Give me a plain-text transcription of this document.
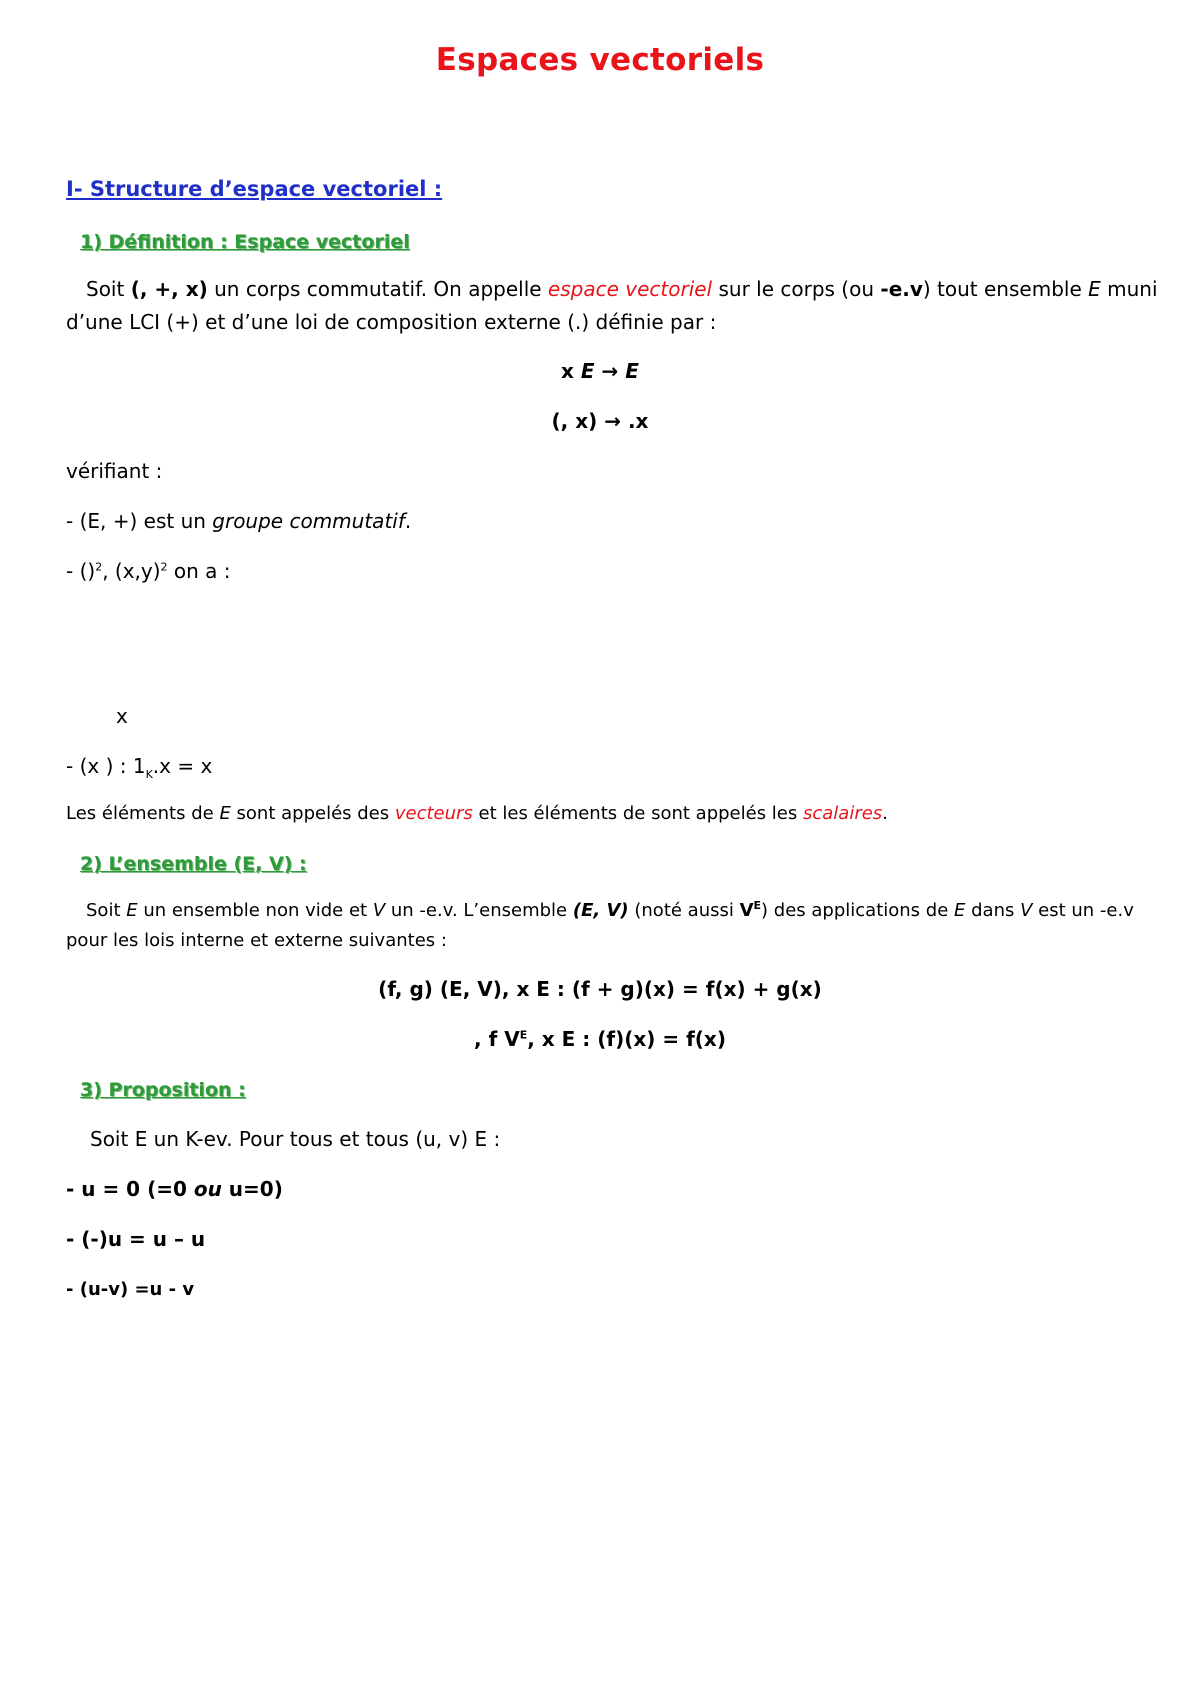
Espaces vectoriels
I- Structure d’espace vectoriel :
1) Définition : Espace vectoriel
Soit (, +, x) un corps commutatif. On appelle espace vectoriel sur le corps (ou -e.v) tout ensemble E muni
d’une LCI (+) et d’une loi de composition externe (.) définie par :
x E → E
(, x) → .x
vérifiant :
- (E, +) est un groupe commutatif.
- ()$^2$, $(x,y)^2$ on a :
x
- (x ) : $1_K.x = x$
Les éléments de E sont appelés des vecteurs et les éléments de sont appelés les scalaires.
2) L’ensemble (E, V) :
Soit E un ensemble non vide et V un -e.v. L’ensemble (E, V) (noté aussi $V^E$) des applications de E dans V est un -e.v
pour les lois interne et externe suivantes :
(f, g) (E, V), x E : (f + g)(x) = f(x) + g(x)
, f $V^E$, x E : (f)(x) = f(x)
3) Proposition :
Soit E un K-ev. Pour tous et tous (u, v) E :
- u = 0 (=0 ou u=0)
- (-)u = u – u
- (u-v) =u - v
